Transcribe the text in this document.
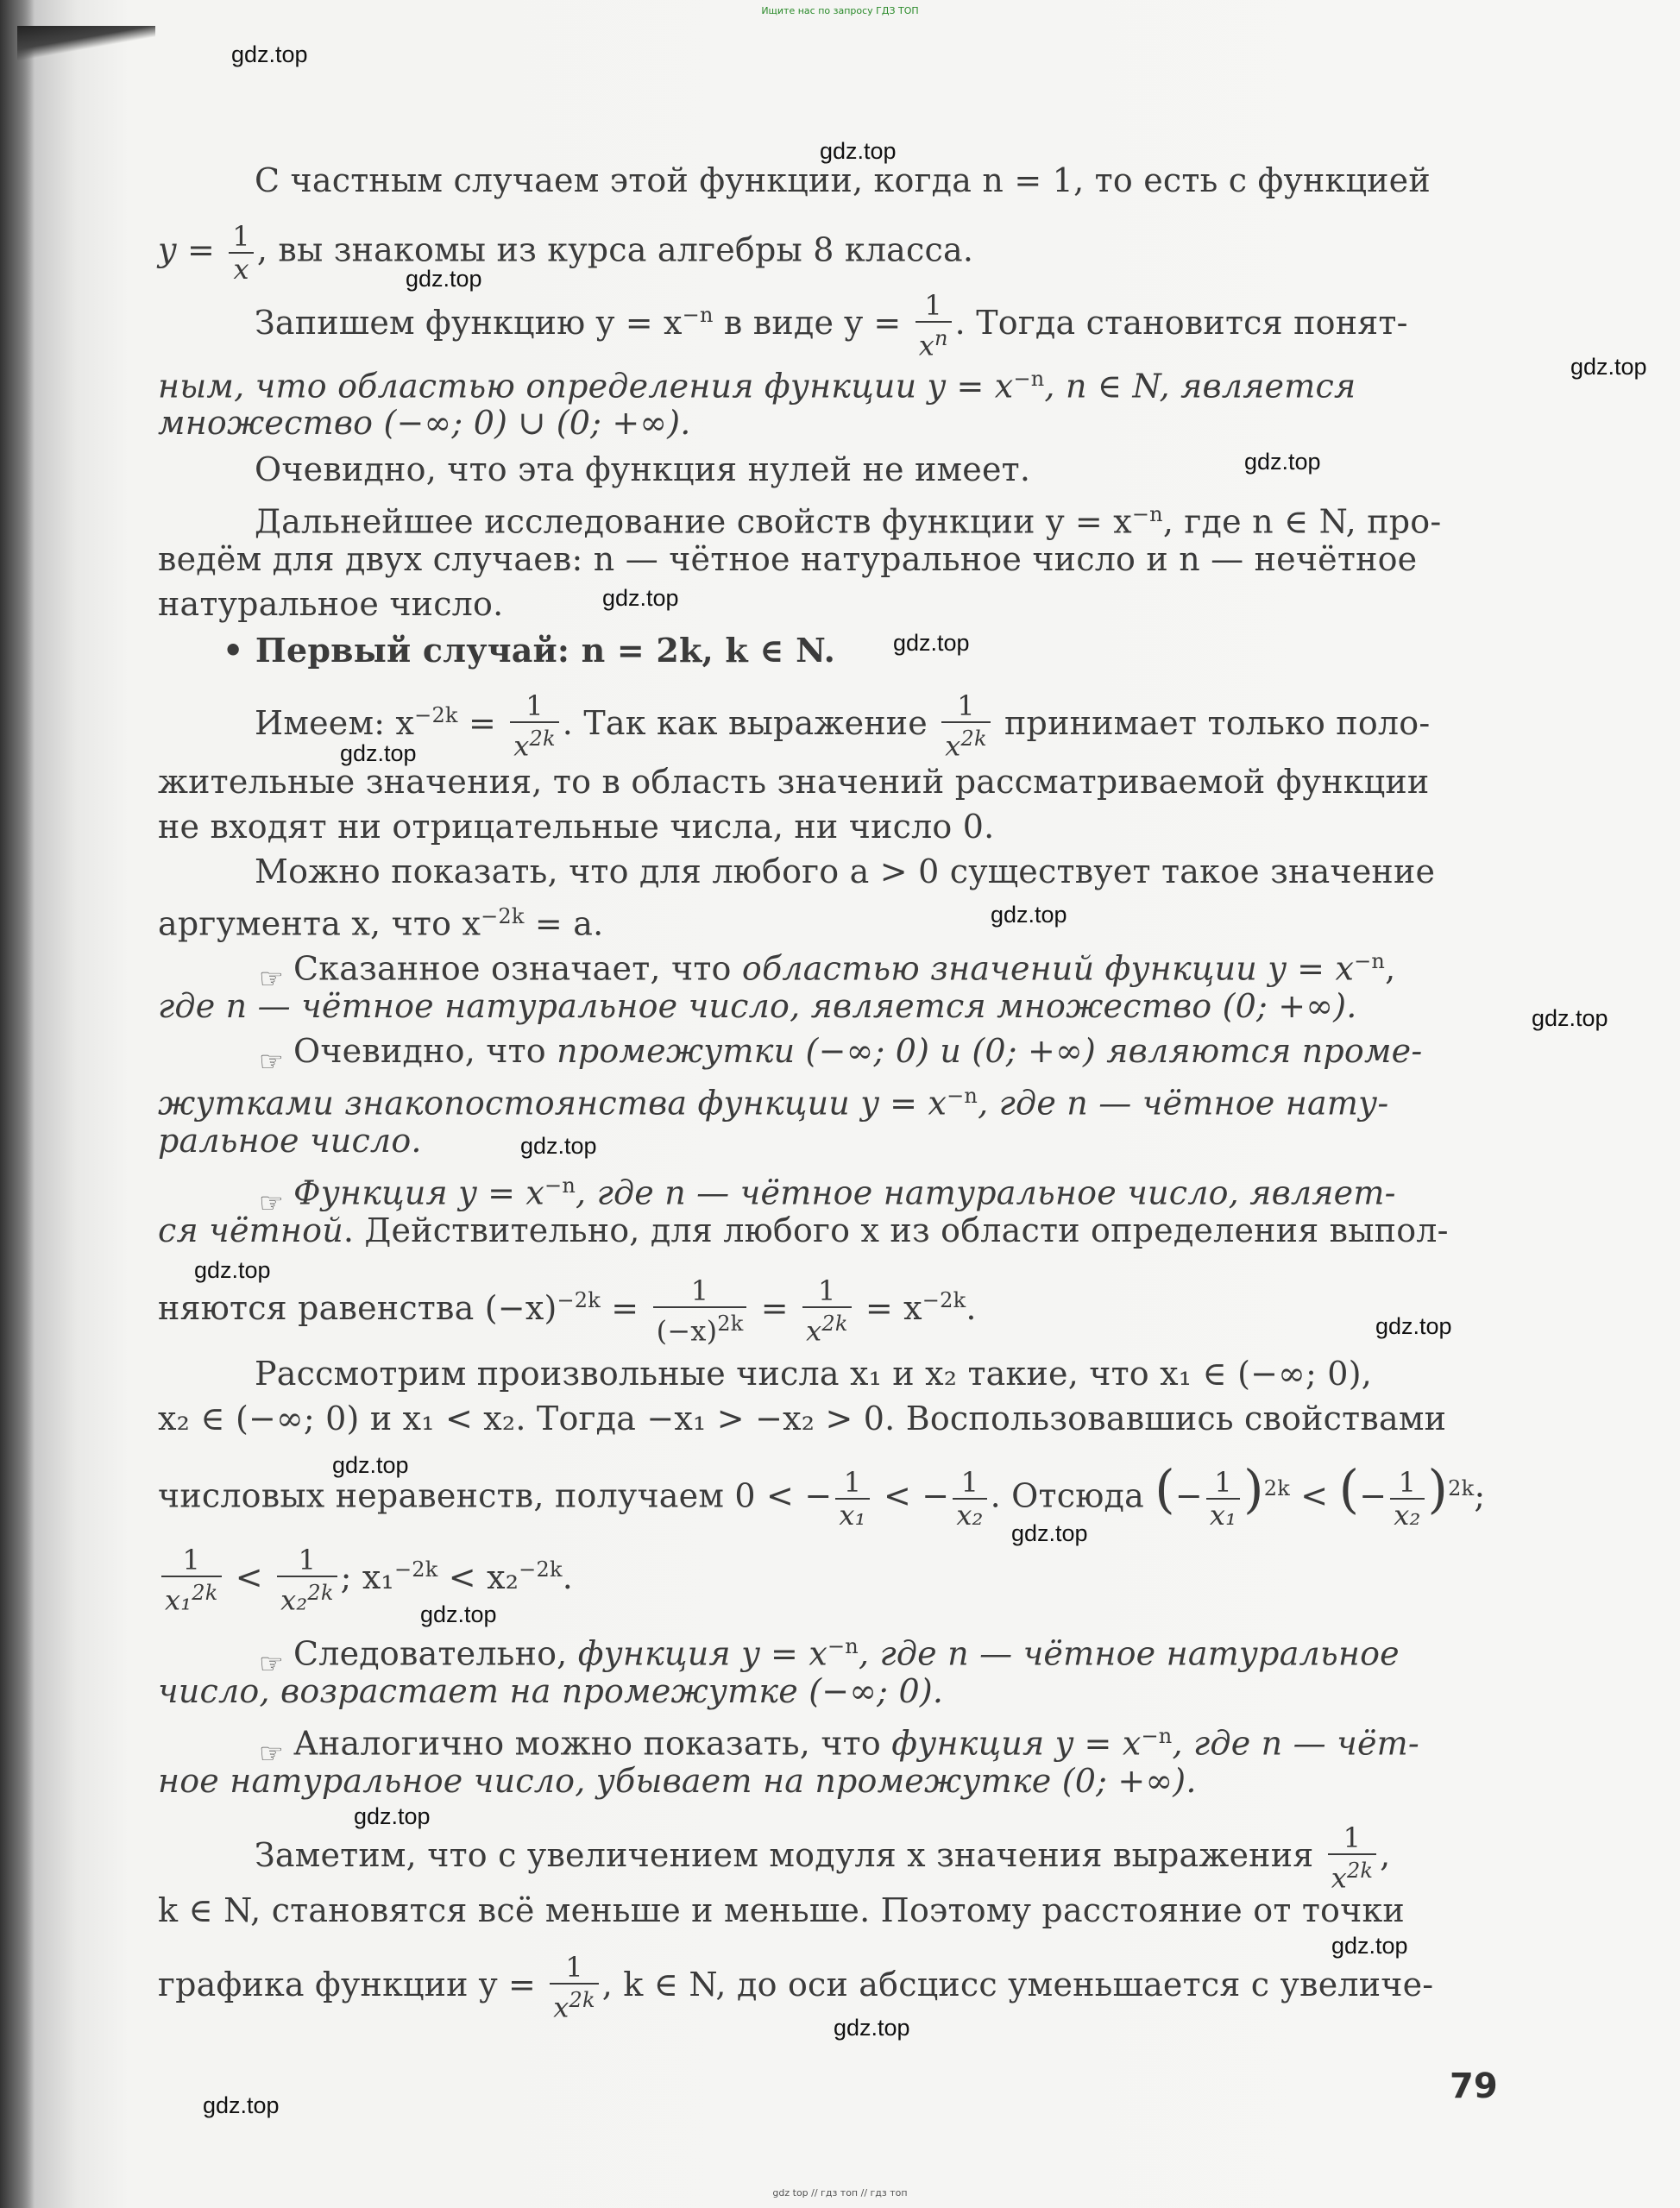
Ищите нас по запросу ГДЗ ТОП
gdz.top
gdz.top
gdz.top
gdz.top
gdz.top
gdz.top
gdz.top
gdz.top
gdz.top
gdz.top
gdz.top
gdz.top
gdz.top
gdz.top
gdz.top
gdz.top
gdz.top
gdz.top
gdz.top
gdz.top
С частным случаем этой функции, когда n = 1, то есть с функцией
$y = \frac{1}{x}$ , вы знакомы из курса алгебры 8 класса.
Запишем функцию $y = x^{-n}$ в виде $y = \frac{1}{x^n}$ . Тогда становится понят-
ным, что областью определения функции $y = x^{-n}$, n ∈ N, является
множество (−∞; 0) ∪ (0; +∞).
Очевидно, что эта функция нулей не имеет.
Дальнейшее исследование свойств функции $y = x^{-n}$, где n ∈ N, про-
ведём для двух случаев: n — чётное натуральное число и n — нечётное
натуральное число.
• Первый случай: n = 2k, k ∈ N.
Имеем: $x^{-2k} = \frac{1}{x^{2k}}$ . Так как выражение $\frac{1}{x^{2k}}$ принимает только поло-
жительные значения, то в область значений рассматриваемой функции
не входят ни отрицательные числа, ни число 0.
Можно показать, что для любого a > 0 существует такое значение
аргумента x, что $x^{-2k} = a$.
☞ Сказанное означает, что областью значений функции $y = x^{-n}$,
где n — чётное натуральное число, является множество (0; +∞).
☞ Очевидно, что промежутки (−∞; 0) и (0; +∞) являются проме-
жутками знакопостоянства функции $y = x^{-n}$, где n — чётное нату-
ральное число.
☞ Функция $y = x^{-n}$, где n — чётное натуральное число, являет-
ся чётной. Действительно, для любого x из области определения выпол-
няются равенства $(-x)^{-2k} = \frac{1}{(-x)^{2k}} = \frac{1}{x^{2k}} = x^{-2k}$.
Рассмотрим произвольные числа x₁ и x₂ такие, что x₁ ∈ (−∞; 0),
x₂ ∈ (−∞; 0) и x₁ < x₂. Тогда −x₁ > −x₂ > 0. Воспользовавшись свойствами
числовых неравенств, получаем 0 < − $\frac{1}{\text{x₁}}$ < − $\frac{1}{\text{x₂}}$ . Отсюда (− $\frac{1}{\text{x₁}} )^{2k}$ < (− $\frac{1}{\text{x₂}} )^{2k}$;
$\frac{1}{x_1^{2k}} < \frac{1}{x_2^{2k}}$ ; x₁$^{-2k}$ < x₂$^{-2k}$.
☞ Следовательно, функция $y = x^{-n}$, где n — чётное натуральное
число, возрастает на промежутке (−∞; 0).
☞ Аналогично можно показать, что функция $y = x^{-n}$, где n — чёт-
ное натуральное число, убывает на промежутке (0; +∞).
Заметим, что с увеличением модуля x значения выражения $\frac{1}{x^{2k}}$ ,
k ∈ N, становятся всё меньше и меньше. Поэтому расстояние от точки
графика функции $y = \frac{1}{x^{2k}}$ , k ∈ N, до оси абсцисс уменьшается с увеличе-
79
gdz top // гдз топ // гдз топ
